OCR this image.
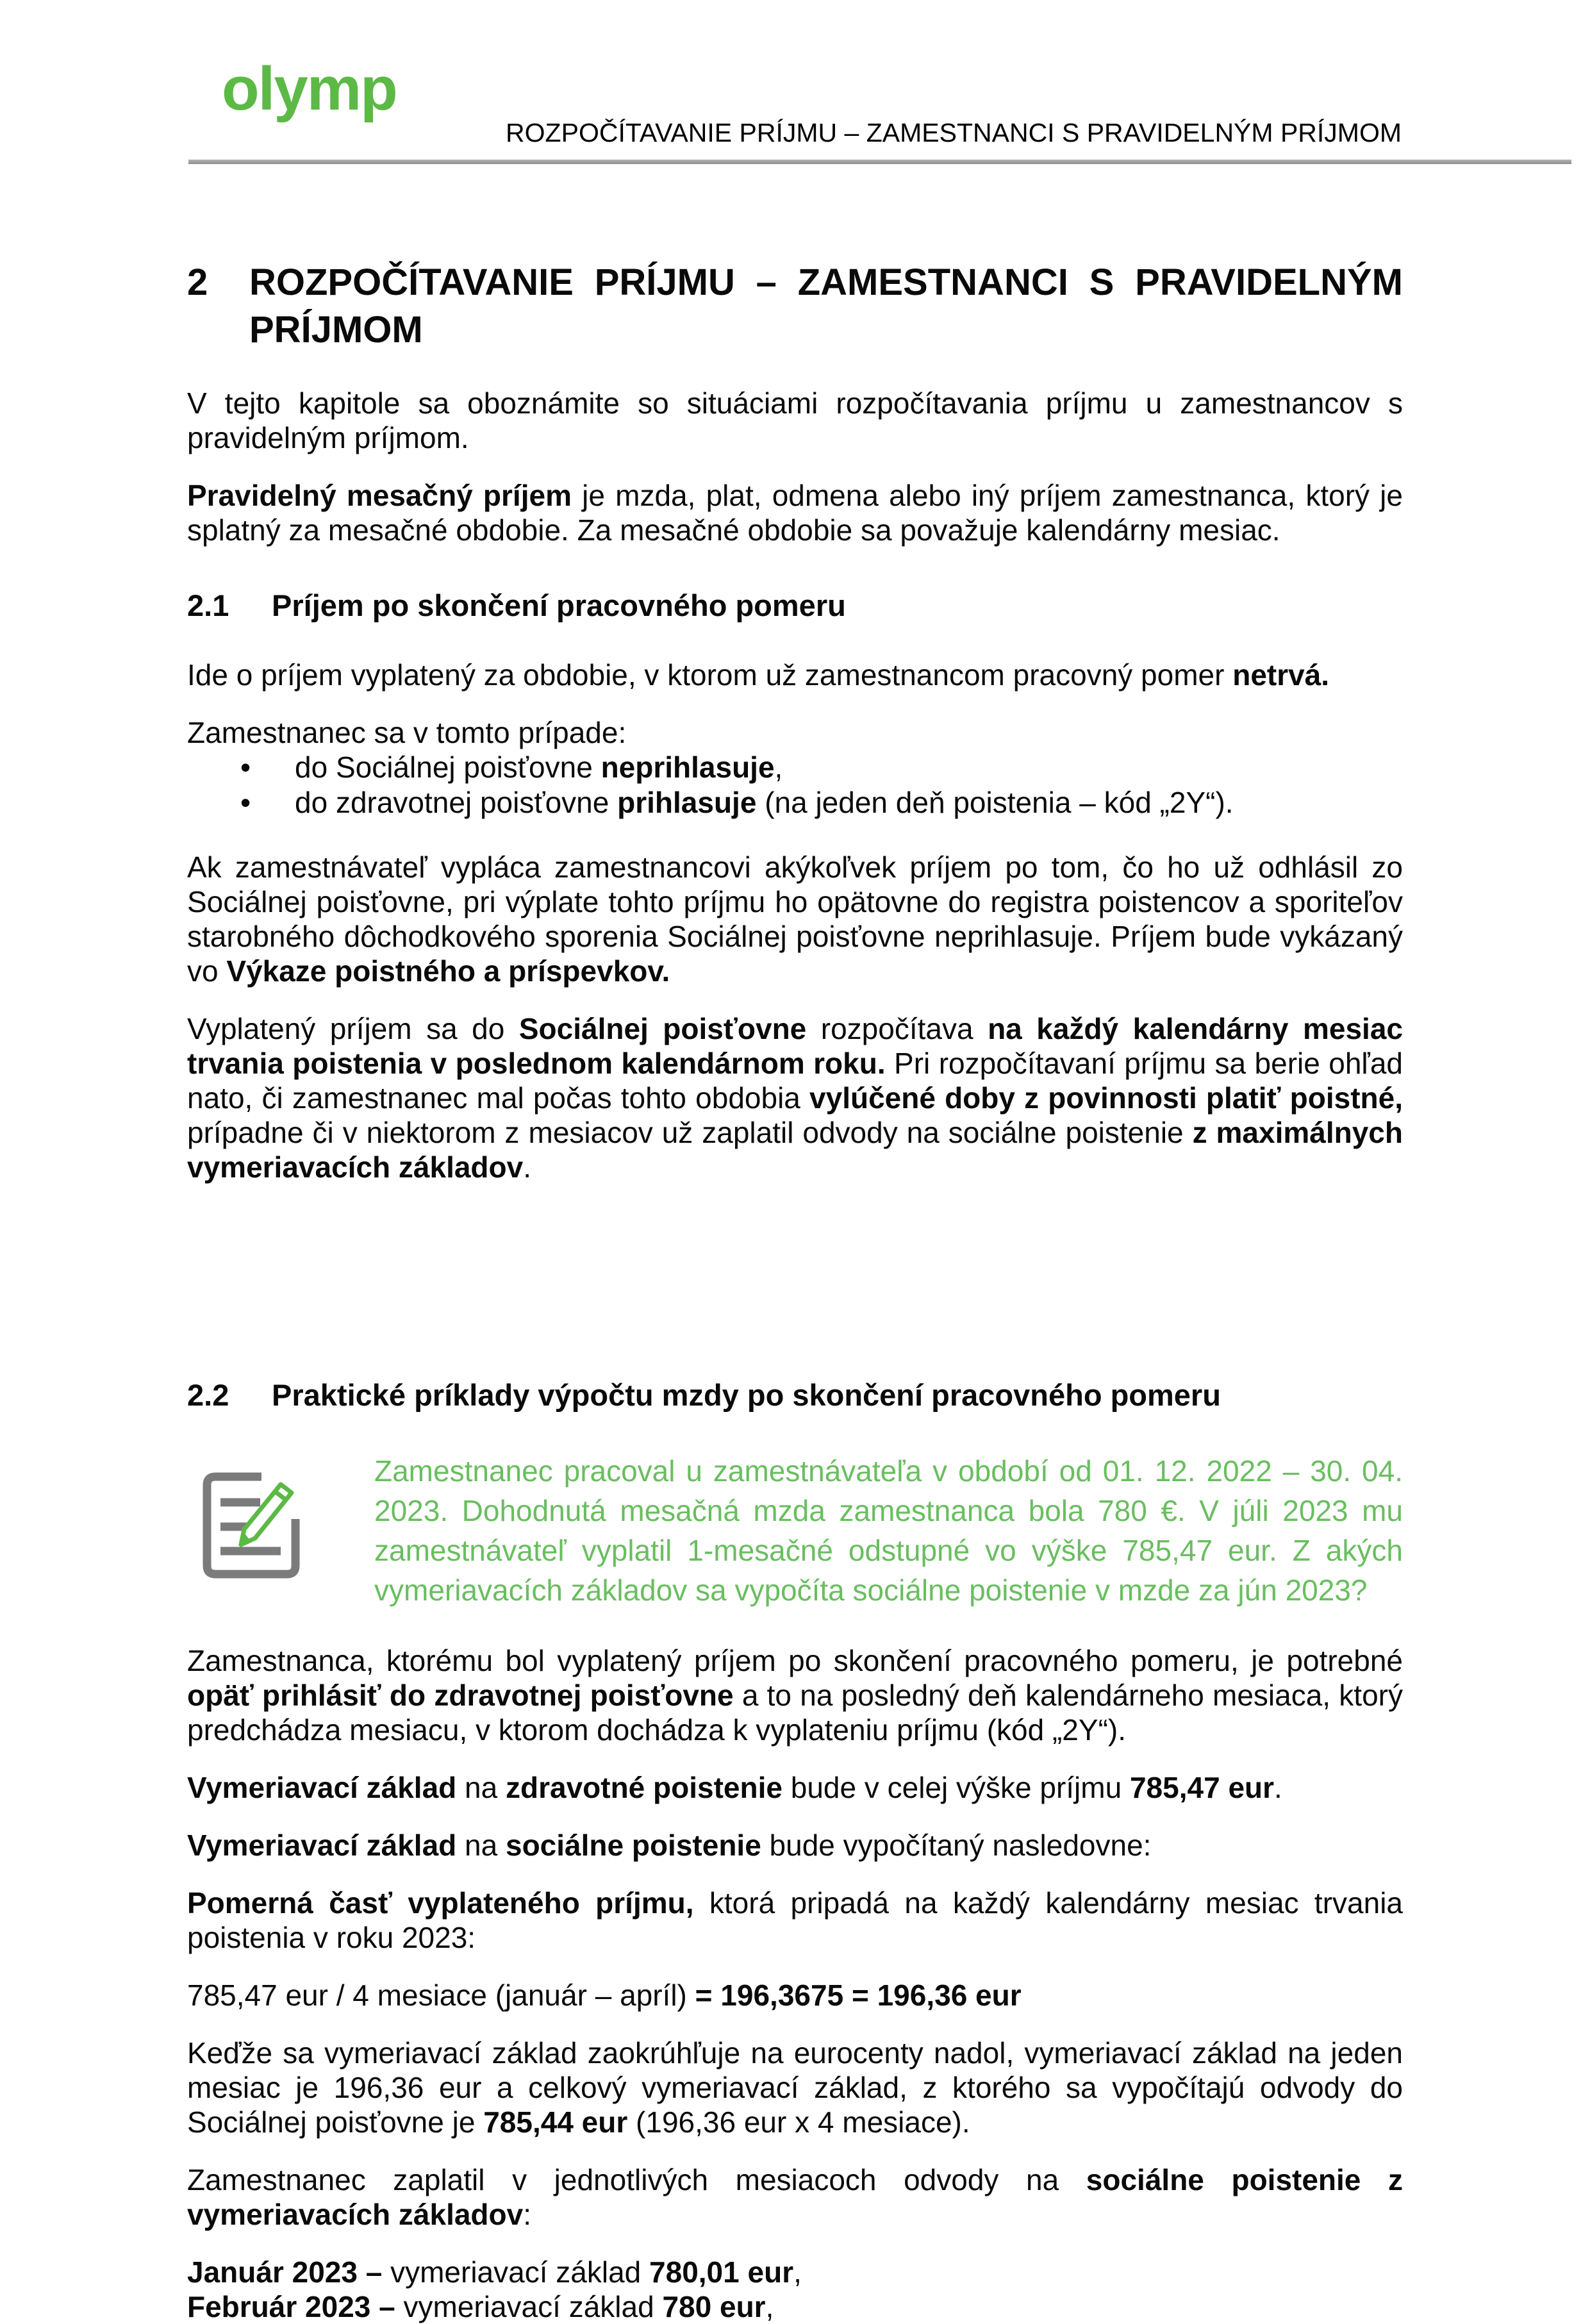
olymp
ROZPOČÍTAVANIE PRÍJMU – ZAMESTNANCI S PRAVIDELNÝM PRÍJMOM
2	ROZPOČÍTAVANIE PRÍJMU – ZAMESTNANCI S PRAVIDELNÝM PRÍJMOM

V tejto kapitole sa oboznámite so situáciami rozpočítavania príjmu u zamestnancov s pravidelným príjmom.

Pravidelný mesačný príjem je mzda, plat, odmena alebo iný príjem zamestnanca, ktorý je splatný za mesačné obdobie. Za mesačné obdobie sa považuje kalendárny mesiac.

2.1	Príjem po skončení pracovného pomeru

Ide o príjem vyplatený za obdobie, v ktorom už zamestnancom pracovný pomer netrvá.

Zamestnanec sa v tomto prípade:

• do Sociálnej poisťovne neprihlasuje,
• do zdravotnej poisťovne prihlasuje (na jeden deň poistenia – kód „2Y“).

Ak zamestnávateľ vypláca zamestnancovi akýkoľvek príjem po tom, čo ho už odhlásil zo Sociálnej poisťovne, pri výplate tohto príjmu ho opätovne do registra poistencov a sporiteľov starobného dôchodkového sporenia Sociálnej poisťovne neprihlasuje. Príjem bude vykázaný vo Výkaze poistného a príspevkov.

Vyplatený príjem sa do Sociálnej poisťovne rozpočítava na každý kalendárny mesiac trvania poistenia v poslednom kalendárnom roku. Pri rozpočítavaní príjmu sa berie ohľad nato, či zamestnanec mal počas tohto obdobia vylúčené doby z povinnosti platiť poistné, prípadne či v niektorom z mesiacov už zaplatil odvody na sociálne poistenie z maximálnych vymeriavacích základov.

2.2	Praktické príklady výpočtu mzdy po skončení pracovného pomeru
Zamestnanec pracoval u zamestnávateľa v období od 01. 12. 2022 – 30. 04. 2023. Dohodnutá mesačná mzda zamestnanca bola 780 €. V júli 2023 mu zamestnávateľ vyplatil 1-mesačné odstupné vo výške 785,47 eur. Z akých vymeriavacích základov sa vypočíta sociálne poistenie v mzde za jún 2023?

Zamestnanca, ktorému bol vyplatený príjem po skončení pracovného pomeru, je potrebné opäť prihlásiť do zdravotnej poisťovne a to na posledný deň kalendárneho mesiaca, ktorý predchádza mesiacu, v ktorom dochádza k vyplateniu príjmu (kód „2Y“).

Vymeriavací základ na zdravotné poistenie bude v celej výške príjmu 785,47 eur.

Vymeriavací základ na sociálne poistenie bude vypočítaný nasledovne:

Pomerná časť vyplateného príjmu, ktorá pripadá na každý kalendárny mesiac trvania poistenia v roku 2023:

785,47 eur / 4 mesiace (január – apríl) = 196,3675 = 196,36 eur

Keďže sa vymeriavací základ zaokrúhľuje na eurocenty nadol, vymeriavací základ na jeden mesiac je 196,36 eur a celkový vymeriavací základ, z ktorého sa vypočítajú odvody do Sociálnej poisťovne je 785,44 eur (196,36 eur x 4 mesiace).

Zamestnanec zaplatil v jednotlivých mesiacoch odvody na sociálne poistenie z vymeriavacích základov:

Január 2023 – vymeriavací základ 780,01 eur,

Február 2023 – vymeriavací základ 780 eur,
